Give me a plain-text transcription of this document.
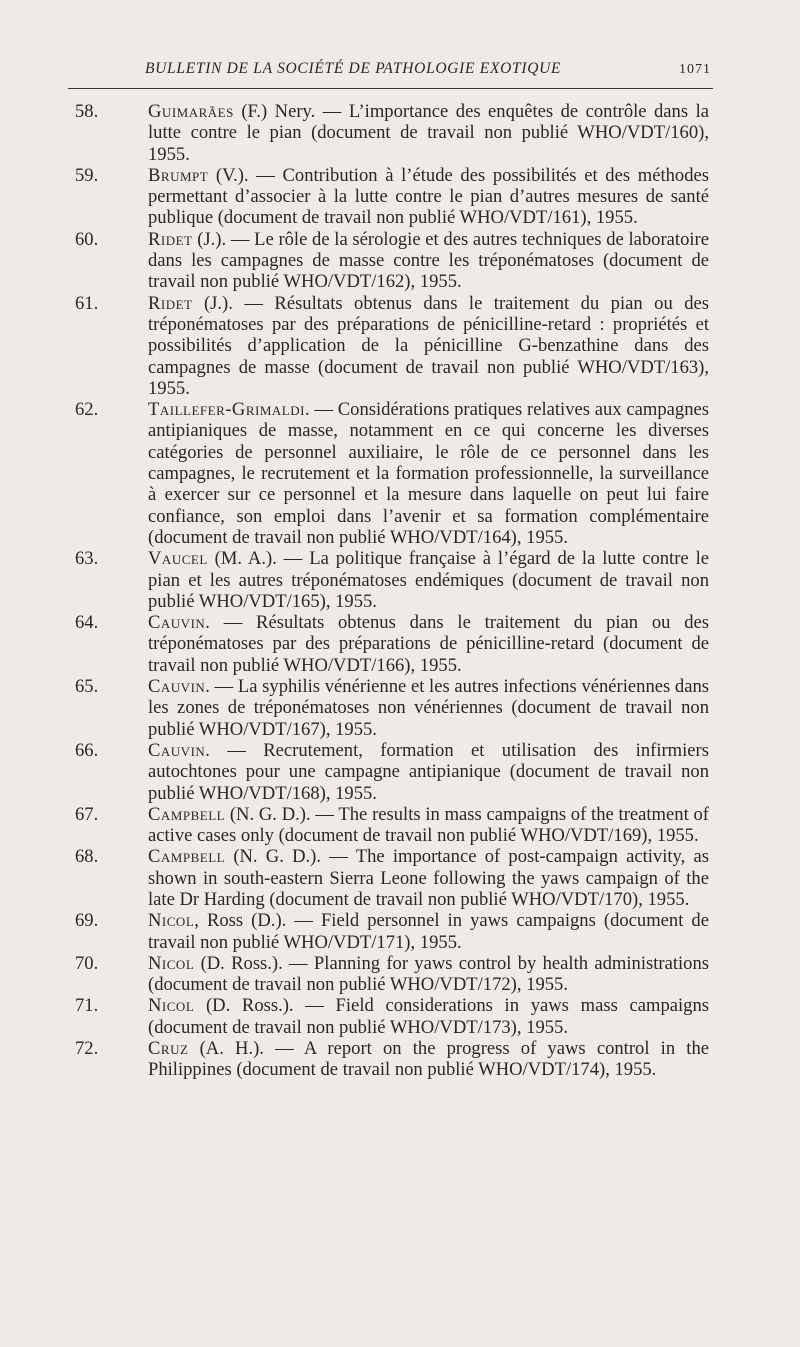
BULLETIN DE LA SOCIÉTÉ DE PATHOLOGIE EXOTIQUE	1071

58.	Guimarães (F.) Nery. — L’importance des enquêtes de contrôle dans la lutte contre le pian (document de travail non publié WHO/VDT/160), 1955.

59.	Brumpt (V.). — Contribution à l’étude des possibilités et des méthodes permettant d’associer à la lutte contre le pian d’autres mesures de santé publique (document de travail non publié WHO/VDT/161), 1955.

60.	Ridet (J.). — Le rôle de la sérologie et des autres techniques de laboratoire dans les campagnes de masse contre les tréponématoses (document de travail non publié WHO/VDT/162), 1955.

61.	Ridet (J.). — Résultats obtenus dans le traitement du pian ou des tréponématoses par des préparations de pénicilline-retard : propriétés et possibilités d’application de la pénicilline G-benzathine dans des campagnes de masse (document de travail non publié WHO/VDT/163), 1955.

62.	Taillefer-Grimaldi. — Considérations pratiques relatives aux campagnes antipianiques de masse, notamment en ce qui concerne les diverses catégories de personnel auxiliaire, le rôle de ce personnel dans les campagnes, le recrutement et la formation professionnelle, la surveillance à exercer sur ce personnel et la mesure dans laquelle on peut lui faire confiance, son emploi dans l’avenir et sa formation complémentaire (document de travail non publié WHO/VDT/164), 1955.

63.	Vaucel (M. A.). — La politique française à l’égard de la lutte contre le pian et les autres tréponématoses endémiques (document de travail non publié WHO/VDT/165), 1955.

64.	Cauvin. — Résultats obtenus dans le traitement du pian ou des tréponématoses par des préparations de pénicilline-retard (document de travail non publié WHO/VDT/166), 1955.

65.	Cauvin. — La syphilis vénérienne et les autres infections vénériennes dans les zones de tréponématoses non vénériennes (document de travail non publié WHO/VDT/167), 1955.

66.	Cauvin. — Recrutement, formation et utilisation des infirmiers autochtones pour une campagne antipianique (document de travail non publié WHO/VDT/168), 1955.

67.	Campbell (N. G. D.). — The results in mass campaigns of the treatment of active cases only (document de travail non publié WHO/VDT/169), 1955.

68.	Campbell (N. G. D.). — The importance of post-campaign activity, as shown in south-eastern Sierra Leone following the yaws campaign of the late Dr Harding (document de travail non publié WHO/VDT/170), 1955.

69.	Nicol, Ross (D.). — Field personnel in yaws campaigns (document de travail non publié WHO/VDT/171), 1955.

70.	Nicol (D. Ross.). — Planning for yaws control by health administrations (document de travail non publié WHO/VDT/172), 1955.

71.	Nicol (D. Ross.). — Field considerations in yaws mass campaigns (document de travail non publié WHO/VDT/173), 1955.

72.	Cruz (A. H.). — A report on the progress of yaws control in the Philippines (document de travail non publié WHO/VDT/174), 1955.
